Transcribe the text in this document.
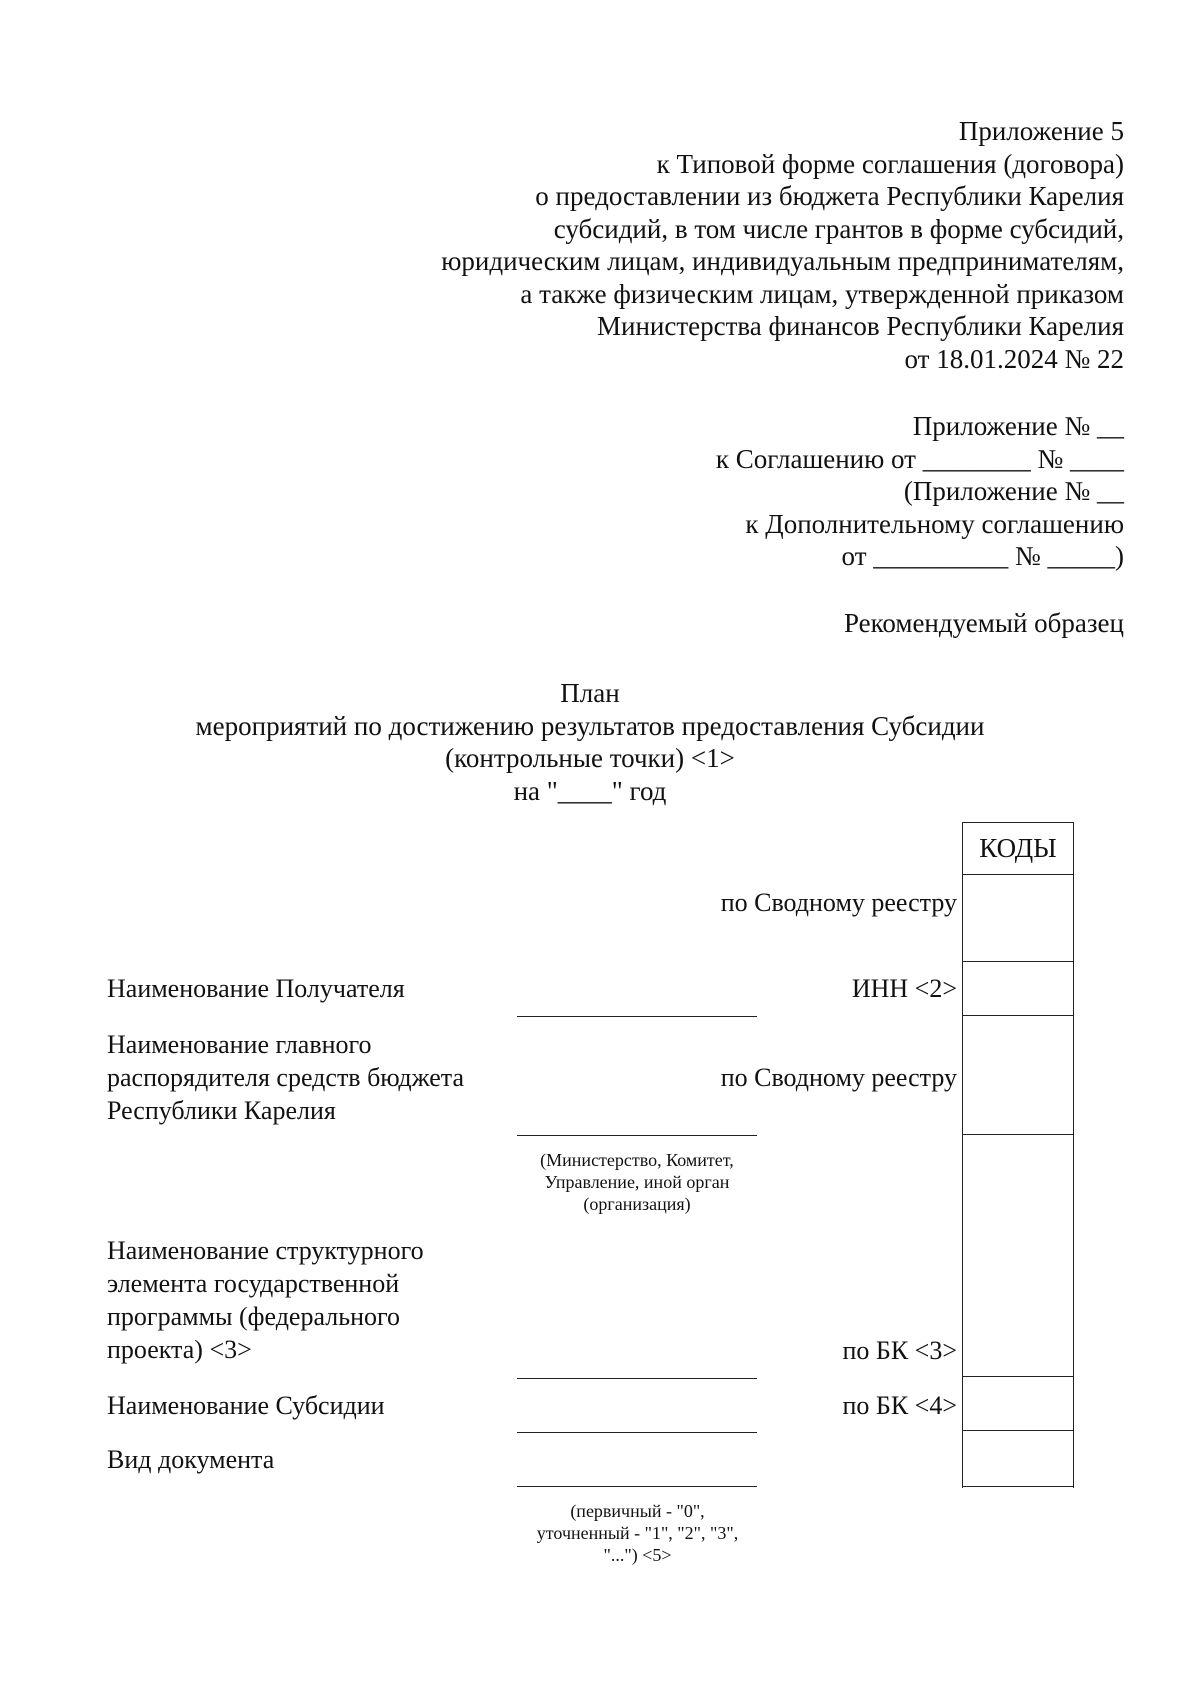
Приложение 5
к Типовой форме соглашения (договора)
о предоставлении из бюджета Республики Карелия
субсидий, в том числе грантов в форме субсидий,
юридическим лицам, индивидуальным предпринимателям,
а также физическим лицам, утвержденной приказом
Министерства финансов Республики Карелия
от 18.01.2024 № 22
Приложение № __
к Соглашению от ________ № ____
(Приложение № __
к Дополнительному соглашению
от __________ № _____)
Рекомендуемый образец
План
мероприятий по достижению результатов предоставления Субсидии
(контрольные точки) <1>
на "____" год
КОДЫ
по Сводному реестру
ИНН <2>
по Сводному реестру
по БК <3>
по БК <4>
Наименование Получателя
Наименование главного распорядителя средств бюджета Республики Карелия
Наименование структурного элемента государственной программы (федерального проекта) <3>
Наименование Субсидии
Вид документа
(Министерство, Комитет, Управление, иной орган (организация)
(первичный - "0", уточненный - "1", "2", "3", "...") <5>
